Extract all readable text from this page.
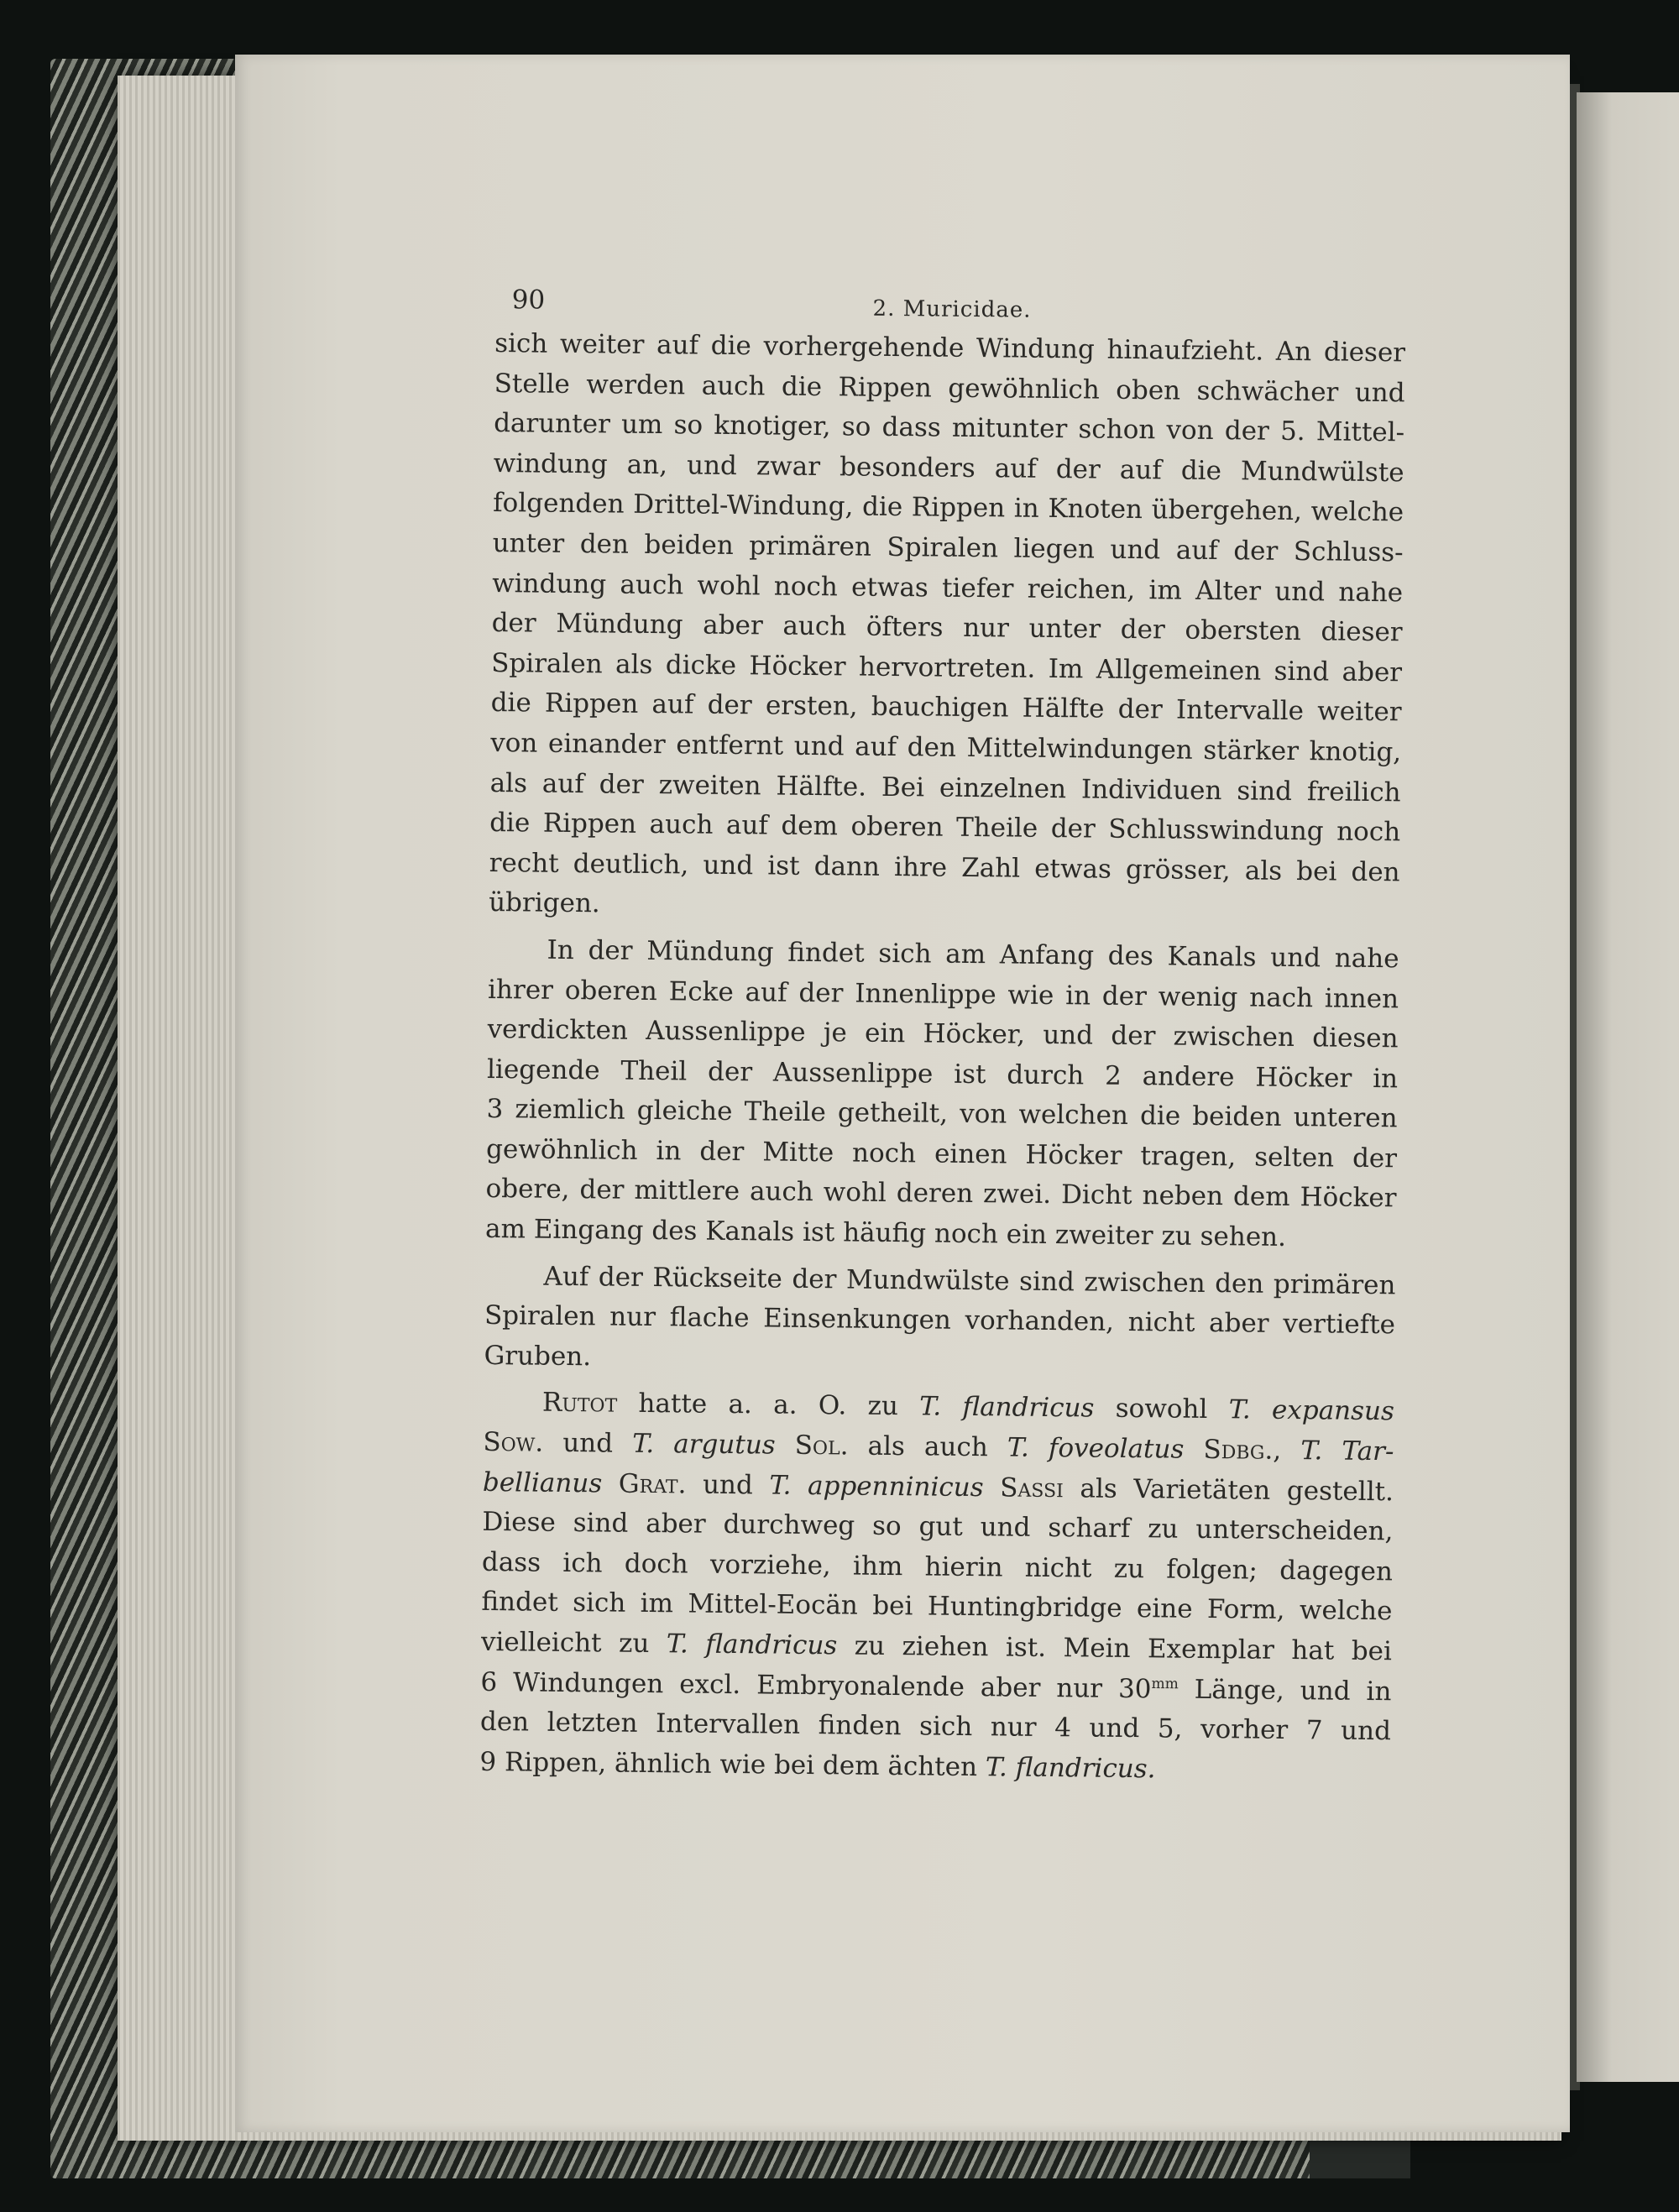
90	2. Muricidae.
sich weiter auf die vorhergehende Windung hinaufzieht. An dieser
Stelle werden auch die Rippen gewöhnlich oben schwächer und
darunter um so knotiger, so dass mitunter schon von der 5. Mittel-
windung an, und zwar besonders auf der auf die Mundwülste
folgenden Drittel-Windung, die Rippen in Knoten übergehen, welche
unter den beiden primären Spiralen liegen und auf der Schluss-
windung auch wohl noch etwas tiefer reichen, im Alter und nahe
der Mündung aber auch öfters nur unter der obersten dieser
Spiralen als dicke Höcker hervortreten. Im Allgemeinen sind aber
die Rippen auf der ersten, bauchigen Hälfte der Intervalle weiter
von einander entfernt und auf den Mittelwindungen stärker knotig,
als auf der zweiten Hälfte. Bei einzelnen Individuen sind freilich
die Rippen auch auf dem oberen Theile der Schlusswindung noch
recht deutlich, und ist dann ihre Zahl etwas grösser, als bei den
übrigen.
In der Mündung findet sich am Anfang des Kanals und nahe
ihrer oberen Ecke auf der Innenlippe wie in der wenig nach innen
verdickten Aussenlippe je ein Höcker, und der zwischen diesen
liegende Theil der Aussenlippe ist durch 2 andere Höcker in
3 ziemlich gleiche Theile getheilt, von welchen die beiden unteren
gewöhnlich in der Mitte noch einen Höcker tragen, selten der
obere, der mittlere auch wohl deren zwei. Dicht neben dem Höcker
am Eingang des Kanals ist häufig noch ein zweiter zu sehen.
Auf der Rückseite der Mundwülste sind zwischen den primären
Spiralen nur flache Einsenkungen vorhanden, nicht aber vertiefte
Gruben.
Rutot hatte a. a. O. zu T. flandricus sowohl T. expansus
Sow. und T. argutus Sol. als auch T. foveolatus Sdbg., T. Tar-
bellianus Grat. und T. appenninicus Sassi als Varietäten gestellt.
Diese sind aber durchweg so gut und scharf zu unterscheiden,
dass ich doch vorziehe, ihm hierin nicht zu folgen; dagegen
findet sich im Mittel-Eocän bei Huntingbridge eine Form, welche
vielleicht zu T. flandricus zu ziehen ist. Mein Exemplar hat bei
6 Windungen excl. Embryonalende aber nur $30^{mm}$ Länge, und in
den letzten Intervallen finden sich nur 4 und 5, vorher 7 und
9 Rippen, ähnlich wie bei dem ächten T. flandricus.
